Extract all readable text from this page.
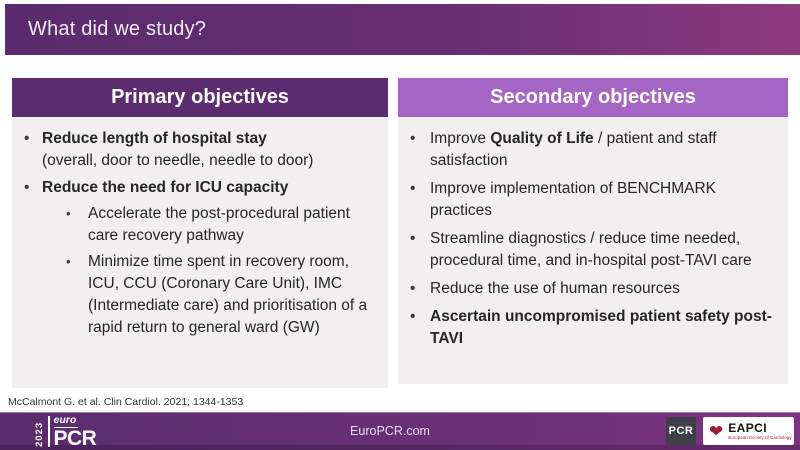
What did we study?
Primary objectives
• Reduce length of hospital stay
(overall, door to needle, needle to door)
• Reduce the need for ICU capacity
• Accelerate the post-procedural patient care recovery pathway
• Minimize time spent in recovery room, ICU, CCU (Coronary Care Unit), IMC (Intermediate care) and prioritisation of a rapid return to general ward (GW)
Secondary objectives
• Improve Quality of Life / patient and staff satisfaction
• Improve implementation of BENCHMARK practices
• Streamline diagnostics / reduce time needed, procedural time, and in-hospital post-TAVI care
• Reduce the use of human resources
• Ascertain uncompromised patient safety post-TAVI
McCalmont G. et al. Clin Cardiol. 2021; 1344-1353
2023
euro
PCR	EuroPCR.com	PCR ❤ EAPCI
European Society of Cardiology
